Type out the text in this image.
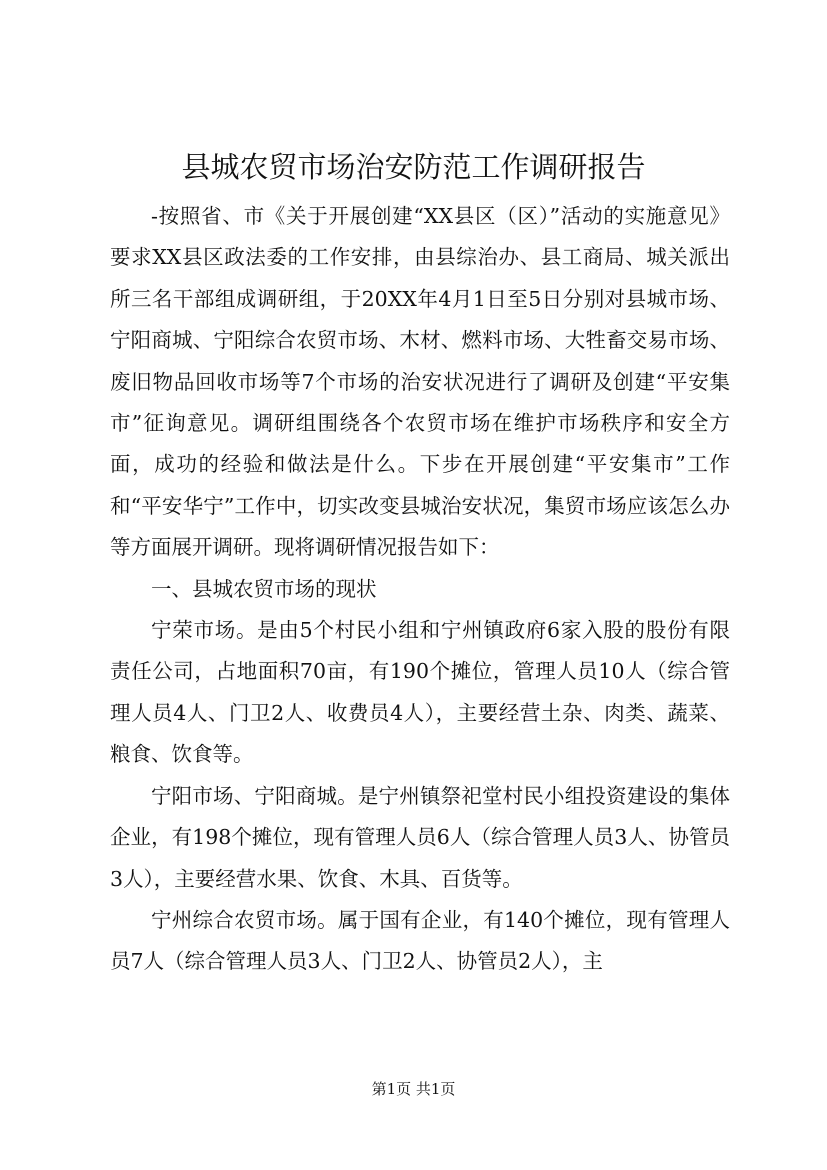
县城农贸市场治安防范工作调研报告

-按照省、市《关于开展创建“XX县区（区）”活动的实施意见》要求XX县区政法委的工作安排，由县综治办、县工商局、城关派出所三名干部组成调研组，于20XX年4月1日至5日分别对县城市场、宁阳商城、宁阳综合农贸市场、木材、燃料市场、大牲畜交易市场、废旧物品回收市场等7个市场的治安状况进行了调研及创建“平安集市”征询意见。调研组围绕各个农贸市场在维护市场秩序和安全方面，成功的经验和做法是什么。下步在开展创建“平安集市”工作和“平安华宁”工作中，切实改变县城治安状况，集贸市场应该怎么办等方面展开调研。现将调研情况报告如下：

一、县城农贸市场的现状

宁荣市场。是由5个村民小组和宁州镇政府6家入股的股份有限责任公司，占地面积70亩，有190个摊位，管理人员10人（综合管理人员4人、门卫2人、收费员4人），主要经营土杂、肉类、蔬菜、粮食、饮食等。

宁阳市场、宁阳商城。是宁州镇祭祀堂村民小组投资建设的集体企业，有198个摊位，现有管理人员6人（综合管理人员3人、协管员3人），主要经营水果、饮食、木具、百货等。

宁州综合农贸市场。属于国有企业，有140个摊位，现有管理人员7人（综合管理人员3人、门卫2人、协管员2人），主

第1页 共1页
